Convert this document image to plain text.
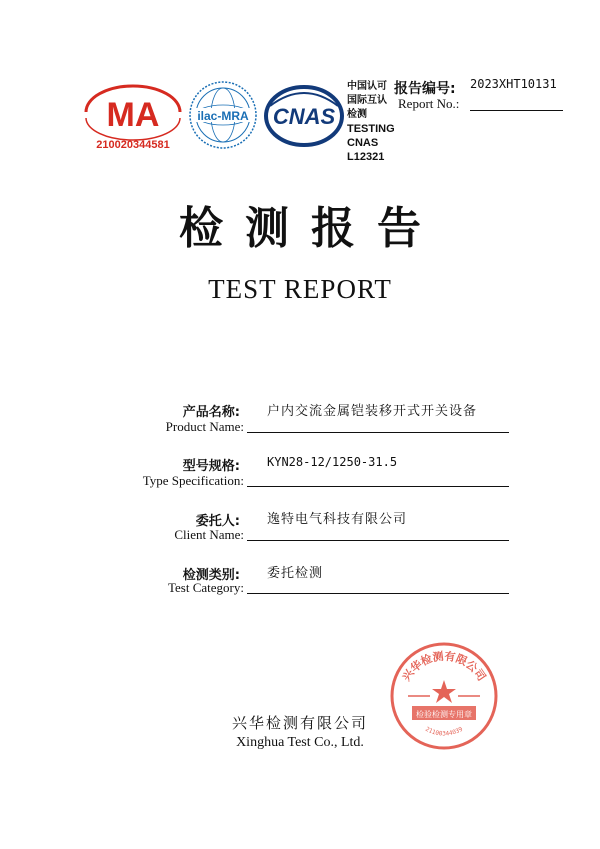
MA
210020344581
ilac-MRA CNAS
中国认可
国际互认
检测
TESTING
CNAS L12321
报告编号: 2023XHT10131
Report No.:
检测报告
TEST REPORT
产品名称: 户内交流金属铠装移开式开关设备
Product Name:
型号规格: KYN28-12/1250-31.5
Type Specification:
委托人: 逸特电气科技有限公司
Client Name:
检测类别: 委托检测
Test Category:
兴华检测有限公司
Xinghua Test Co., Ltd.
兴华检测有限公司
检验检测专用章
21100344039
